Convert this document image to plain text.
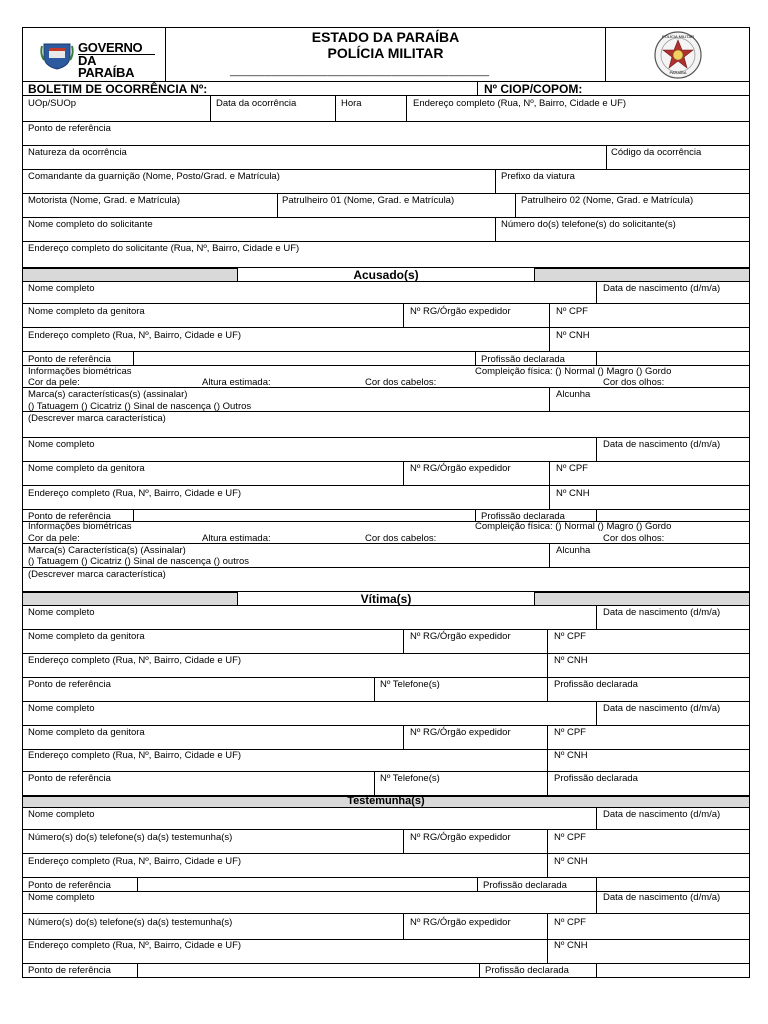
GOVERNO
DA PARAÍBA
ESTADO DA PARAÍBA
POLÍCIA MILITAR
_____________________________________________
POLÍCIA MILITAR
PARAÍBA
BOLETIM DE OCORRÊNCIA Nº:	Nº CIOP/COPOM:
UOp/SUOp	Data da ocorrência	Hora	Endereço completo (Rua, Nº, Bairro, Cidade e UF)
Ponto de referência
Natureza da ocorrência	Código da ocorrência
Comandante da guarnição (Nome, Posto/Grad. e Matrícula)	Prefixo da viatura
Motorista (Nome, Grad. e Matrícula)	Patrulheiro 01 (Nome, Grad. e Matrícula)	Patrulheiro 02 (Nome, Grad. e Matrícula)
Nome completo do solicitante	Número do(s) telefone(s) do solicitante(s)
Endereço completo do solicitante (Rua, Nº, Bairro, Cidade e UF)
Acusado(s)
Nome completo	Data de nascimento (d/m/a)
Nome completo da genitora	Nº RG/Órgão expedidor	Nº CPF
Endereço completo (Rua, Nº, Bairro, Cidade e UF)	Nº CNH
Ponto de referência	Profissão declarada
Informações biométricas	Compleição física: () Normal () Magro () Gordo
Cor da pele:	Altura estimada:	Cor dos cabelos:	Cor dos olhos:
Marca(s) características(s) (assinalar)
() Tatuagem () Cicatriz () Sinal de nascença () Outros
Alcunha
(Descrever marca característica)
Nome completo	Data de nascimento (d/m/a)
Nome completo da genitora	Nº RG/Órgão expedidor	Nº CPF
Endereço completo (Rua, Nº, Bairro, Cidade e UF)	Nº CNH
Ponto de referência	Profissão declarada
Informações biométricas	Compleição física: () Normal () Magro () Gordo
Cor da pele:	Altura estimada:	Cor dos cabelos:	Cor dos olhos:
Marca(s) Característica(s) (Assinalar)
() Tatuagem () Cicatriz () Sinal de nascença () outros
Alcunha
(Descrever marca característica)
Vítima(s)
Nome completo	Data de nascimento (d/m/a)
Nome completo da genitora	Nº RG/Órgão expedidor	Nº CPF
Endereço completo (Rua, Nº, Bairro, Cidade e UF)	Nº CNH
Ponto de referência	Nº Telefone(s)	Profissão declarada
Nome completo	Data de nascimento (d/m/a)
Nome completo da genitora	Nº RG/Órgão expedidor	Nº CPF
Endereço completo (Rua, Nº, Bairro, Cidade e UF)	Nº CNH
Ponto de referência	Nº Telefone(s)	Profissão declarada
Testemunha(s)
Nome completo	Data de nascimento (d/m/a)
Número(s) do(s) telefone(s) da(s) testemunha(s)	Nº RG/Órgão expedidor	Nº CPF
Endereço completo (Rua, Nº, Bairro, Cidade e UF)	Nº CNH
Ponto de referência	Profissão declarada
Nome completo	Data de nascimento (d/m/a)
Número(s) do(s) telefone(s) da(s) testemunha(s)	Nº RG/Órgão expedidor	Nº CPF
Endereço completo (Rua, Nº, Bairro, Cidade e UF)	Nº CNH
Ponto de referência	Profissão declarada
